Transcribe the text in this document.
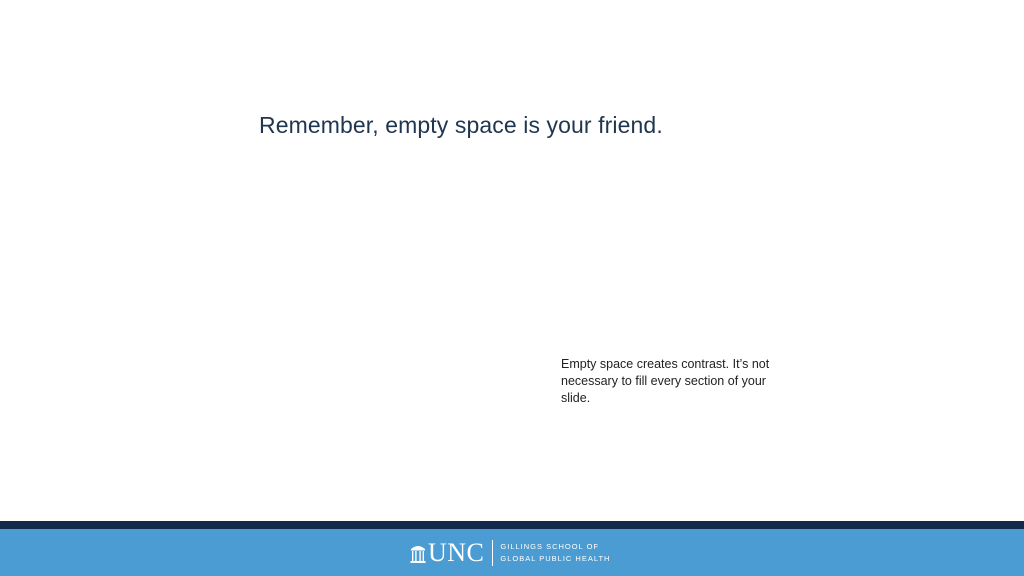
Remember, empty space is your friend.
Empty space creates contrast. It’s not necessary to fill every section of your slide.
UNC GILLINGS SCHOOL OF
GLOBAL PUBLIC HEALTH
